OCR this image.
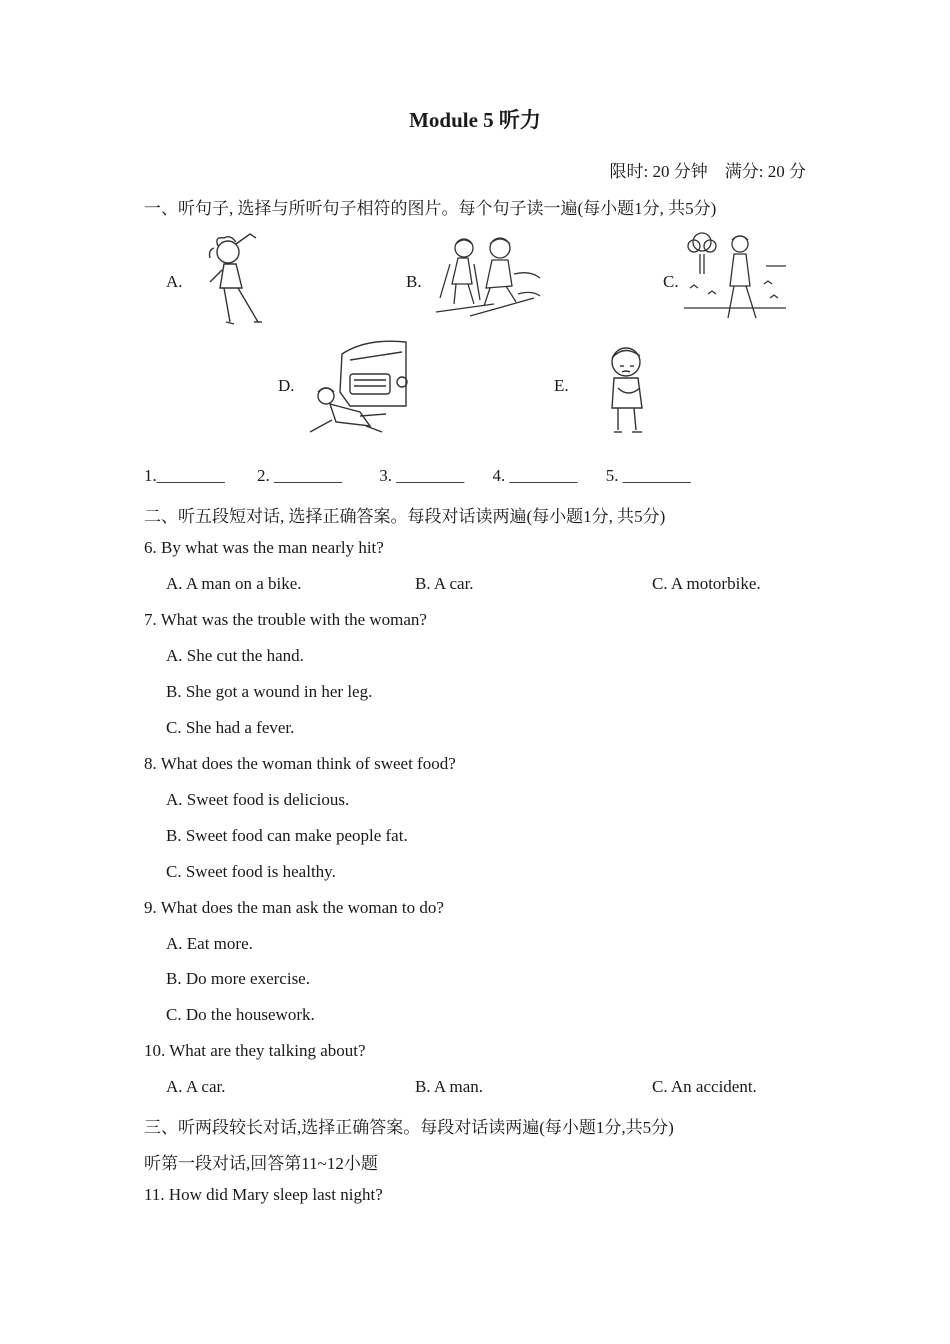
Module 5 听力
限时: 20 分钟　满分: 20 分
一、听句子, 选择与所听句子相符的图片。每个句子读一遍(每小题1分, 共5分)
A.	B.	C.
D.	E.
1.________ 2. ________ 3. ________ 4. ________ 5. ________
二、听五段短对话, 选择正确答案。每段对话读两遍(每小题1分, 共5分)
6. By what was the man nearly hit?
A. A man on a bike.	B. A car.	C. A motorbike.
7. What was the trouble with the woman?
A. She cut the hand.
B. She got a wound in her leg.
C. She had a fever.
8. What does the woman think of sweet food?
A. Sweet food is delicious.
B. Sweet food can make people fat.
C. Sweet food is healthy.
9. What does the man ask the woman to do?
A. Eat more.
B. Do more exercise.
C. Do the housework.
10. What are they talking about?
A. A car.	B. A man.	C. An accident.
三、听两段较长对话,选择正确答案。每段对话读两遍(每小题1分,共5分)
听第一段对话,回答第11~12小题
11. How did Mary sleep last night?
